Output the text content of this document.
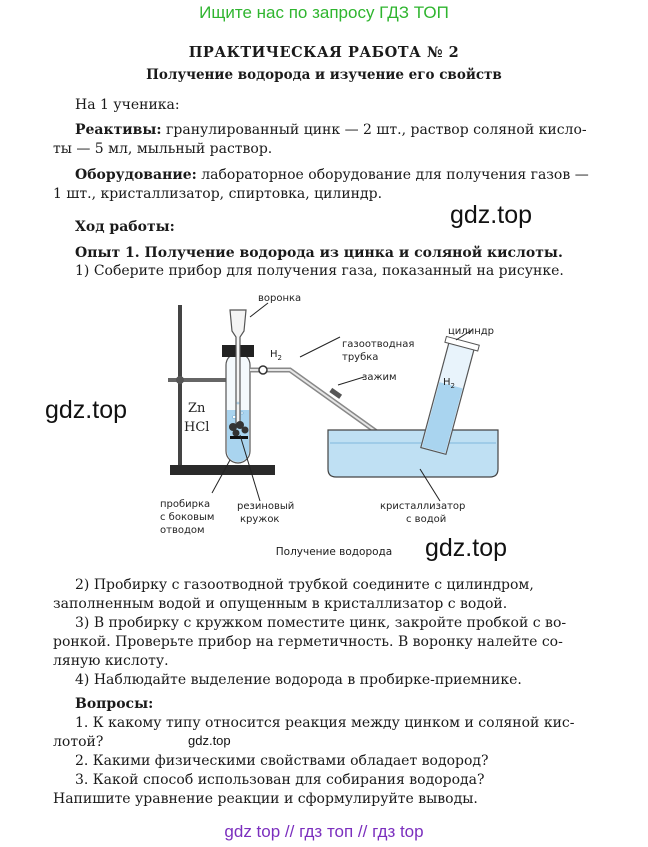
Ищите нас по запросу ГДЗ ТОП
ПРАКТИЧЕСКАЯ РАБОТА № 2
Получение водорода и изучение его свойств
На 1 ученика:
Реактивы: гранулированный цинк — 2 шт., раствор соляной кисло-
ты — 5 мл, мыльный раствор.
Оборудование: лабораторное оборудование для получения газов —
1 шт., кристаллизатор, спиртовка, цилиндр.
Ход работы:
Опыт 1. Получение водорода из цинка и соляной кислоты.
1) Соберите прибор для получения газа, показанный на рисунке.
воронка
$H_2$
газоотводная
трубка
зажим
цилиндр
$H_2$
Zn
HCl
пробирка
с боковым
отводом
резиновый
кружок
кристаллизатор
с водой
Получение водорода
gdz.top
gdz.top
gdz.top
2) Пробирку с газоотводной трубкой соедините с цилиндром,
заполненным водой и опущенным в кристаллизатор с водой.
3) В пробирку с кружком поместите цинк, закройте пробкой с во-
ронкой. Проверьте прибор на герметичность. В воронку налейте со-
ляную кислоту.
4) Наблюдайте выделение водорода в пробирке-приемнике.
Вопросы:
1. К какому типу относится реакция между цинком и соляной кис-
лотой?	gdz.top
2. Какими физическими свойствами обладает водород?
3. Какой способ использован для собирания водорода?
Напишите уравнение реакции и сформулируйте выводы.
gdz top // гдз топ // гдз top
